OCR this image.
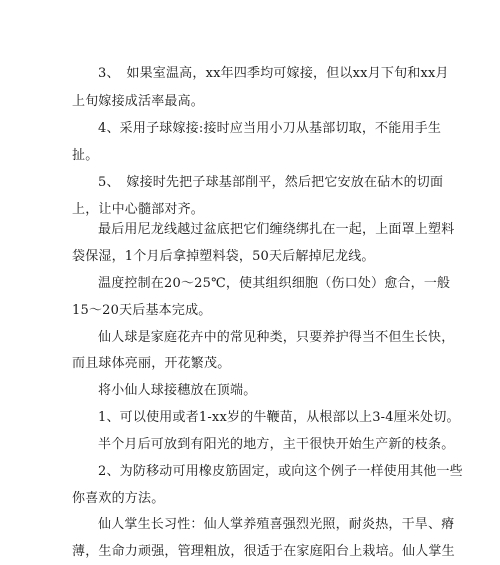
3、　如果室温高，xx年四季均可嫁接，但以xx月下旬和xx月
上旬嫁接成活率最高。
4、采用子球嫁接:接时应当用小刀从基部切取，不能用手生
扯。
5、　嫁接时先把子球基部削平，然后把它安放在砧木的切面
上，让中心髓部对齐。
最后用尼龙线越过盆底把它们缠绕绑扎在一起，上面罩上塑料
袋保湿，1个月后拿掉塑料袋，50天后解掉尼龙线。
温度控制在20～25℃，使其组织细胞（伤口处）愈合，一般
15～20天后基本完成。
仙人球是家庭花卉中的常见种类，只要养护得当不但生长快，
而且球体亮丽，开花繁茂。
将小仙人球接穗放在顶端。
1、可以使用或者1-xx岁的牛鞭苗，从根部以上3-4厘米处切。
半个月后可放到有阳光的地方，主干很快开始生产新的枝条。
2、为防移动可用橡皮筋固定，或向这个例子一样使用其他一些
你喜欢的方法。
仙人掌生长习性：仙人掌养殖喜强烈光照，耐炎热，干旱、瘠
薄，生命力顽强，管理粗放，很适于在家庭阳台上栽培。仙人掌生
